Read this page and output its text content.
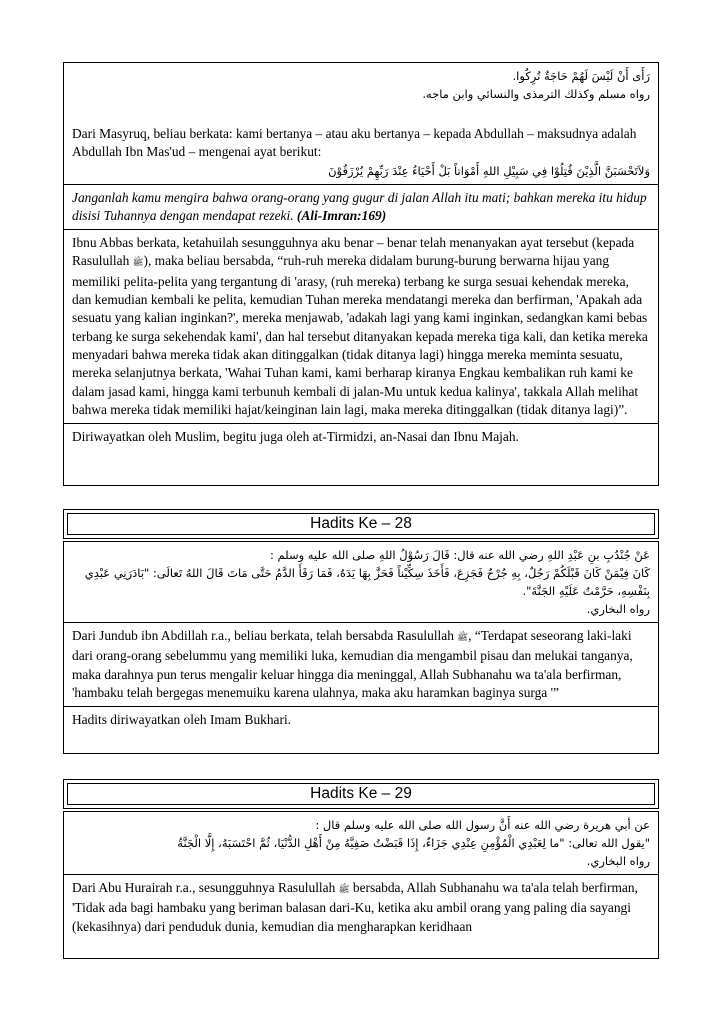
رَأَى أَنْ لَيْسَ لَهُمْ حَاجَةٌ تُرِكُوا.

رواه مسلم وكذلك الترمذى والنسائي وابن ماجه.

Dari Masyruq, beliau berkata: kami bertanya – atau aku bertanya – kepada Abdullah – maksudnya adalah Abdullah Ibn Mas'ud – mengenai ayat berikut:

وَلاَتَحْسَبَنَّ الَّذِيْنَ قُتِلُوْا فِي سَبِيْلِ اللهِ أَمْوَاتاً بَلْ أَحْيَاءُ عِنْدَ رَبِّهِمْ يُرْزَقُوْنَ

Janganlah kamu mengira bahwa orang-orang yang gugur di jalan Allah itu mati; bahkan mereka itu hidup disisi Tuhannya dengan mendapat rezeki. (Ali-Imran:169)

Ibnu Abbas berkata, ketahuilah sesungguhnya aku benar – benar telah menanyakan ayat tersebut (kepada Rasulullah ﷺ), maka beliau bersabda, “ruh-ruh mereka didalam burung-burung berwarna hijau yang memiliki pelita-pelita yang tergantung di 'arasy, (ruh mereka) terbang ke surga sesuai kehendak mereka, dan kemudian kembali ke pelita, kemudian Tuhan mereka mendatangi mereka dan berfirman, 'Apakah ada sesuatu yang kalian inginkan?', mereka menjawab, 'adakah lagi yang kami inginkan, sedangkan kami bebas terbang ke surga sekehendak kami', dan hal tersebut ditanyakan kepada mereka tiga kali, dan ketika mereka menyadari bahwa mereka tidak akan ditinggalkan (tidak ditanya lagi) hingga mereka meminta sesuatu, mereka selanjutnya berkata, 'Wahai Tuhan kami, kami berharap kiranya Engkau kembalikan ruh kami ke dalam jasad kami, hingga kami terbunuh kembali di jalan-Mu untuk kedua kalinya', takkala Allah melihat bahwa mereka tidak memiliki hajat/keinginan lain lagi, maka mereka ditinggalkan (tidak ditanya lagi)”.

Diriwayatkan oleh Muslim, begitu juga oleh at-Tirmidzi, an-Nasai dan Ibnu Majah.

Hadits Ke – 28

عَنْ جُنْدُبِ بنِ عَبْدِ اللهِ رضي الله عنه قال: قَالَ رَسُوْلُ اللهِ صلى الله عليه وسلم :

كَانَ فِيْمَنْ كَانَ قَبْلَكُمْ رَجُلٌ، بِهِ جُرْحٌ فَجَزِعَ، فَأَخَذَ سِكِّيْناً فَحَزَّ بِهَا يَدَهُ، فَمَا رَقَأَ الدَّمُ حَتَّى مَاتَ قَالَ اللهُ تَعالَى: "بَادَرَنِي عَبْدِي

بِنَفْسِهِ، حَرَّمْتُ عَلَيْهِ الجَنَّةَ".

رواه البخاري.

Dari Jundub ibn Abdillah r.a., beliau berkata, telah bersabda Rasulullah ﷺ, “Terdapat seseorang laki-laki dari orang-orang sebelummu yang memiliki luka, kemudian dia mengambil pisau dan melukai tanganya, maka darahnya pun terus mengalir keluar hingga dia meninggal, Allah Subhanahu wa ta'ala berfirman, 'hambaku telah bergegas menemuiku karena ulahnya, maka aku haramkan baginya surga '”

Hadits diriwayatkan oleh Imam Bukhari.

Hadits Ke – 29

عن أبي هريرة رضي الله عنه أَنَّ رسول الله صلى الله عليه وسلم قال :

"يقول الله تعالى: "ما لِعَبْدِي الْمُؤْمِنِ عِنْدِي جَزَاءٌ، إِذَا قَبَضْتُ صَفِيَّهُ مِنْ أَهْلِ الدُّنْيَا، ثُمَّ احْتَسَبَهُ، إِلَّا الْجَنَّةُ

رواه البخاري.

Dari Abu Hurairah r.a., sesungguhnya Rasulullah ﷺ bersabda, Allah Subhanahu wa ta'ala telah berfirman, 'Tidak ada bagi hambaku yang beriman balasan dari-Ku, ketika aku ambil orang yang paling dia sayangi (kekasihnya) dari penduduk dunia, kemudian dia mengharapkan keridhaan
